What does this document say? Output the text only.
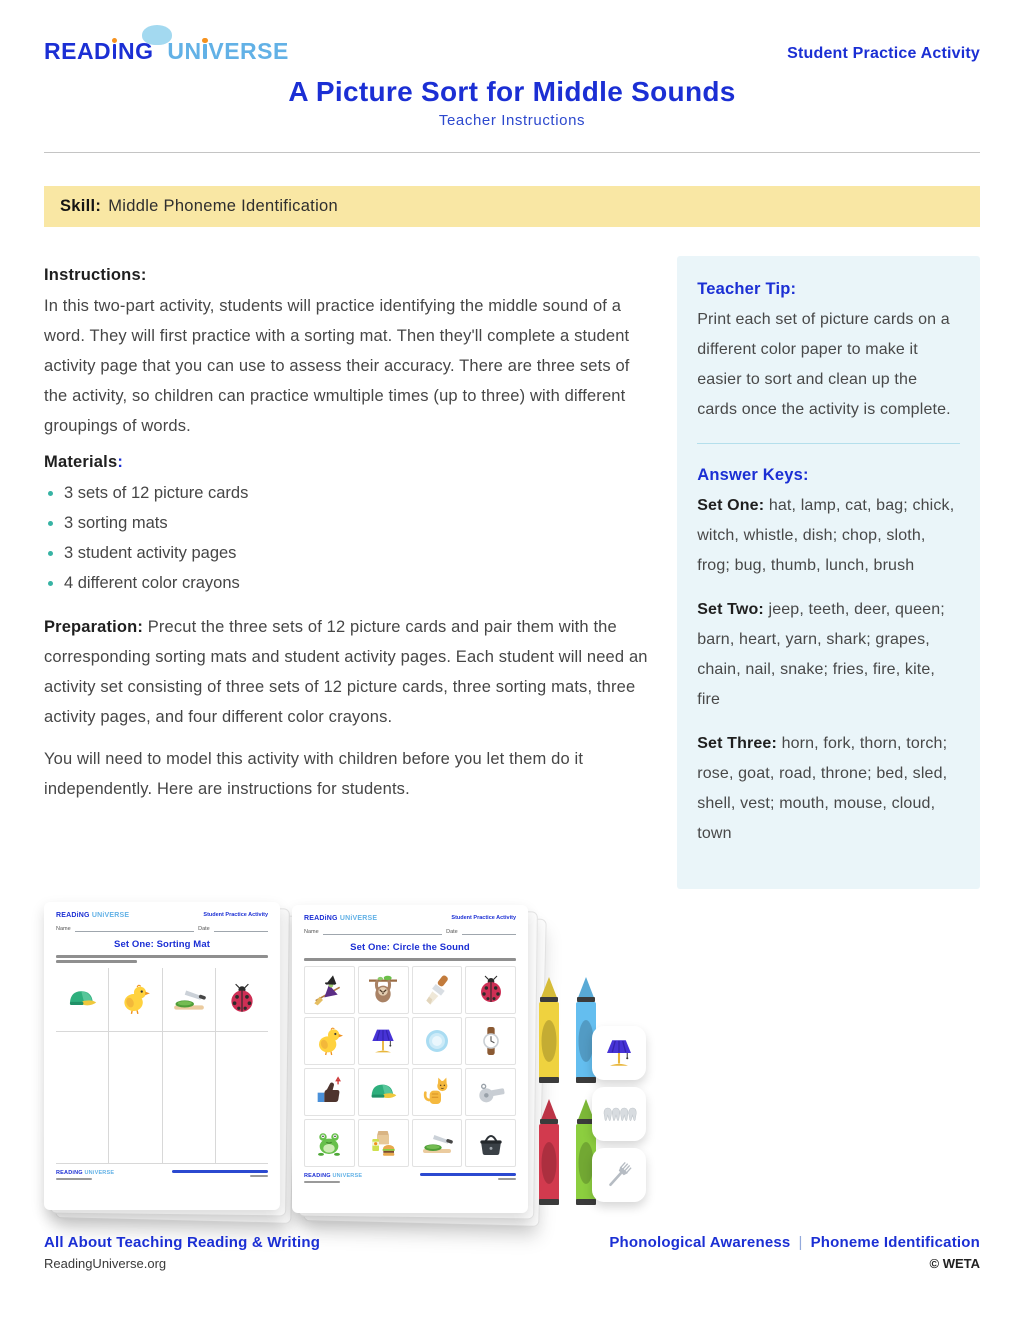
READ NG UN VERSE	Student Practice Activity
A Picture Sort for Middle Sounds
Teacher Instructions
Skill: Middle Phoneme Identification
Instructions:

In this two-part activity, students will practice identifying the middle sound of a word. They will first practice with a sorting mat. Then they'll complete a student activity page that you can use to assess their accuracy. There are three sets of the activity, so children can practice wmultiple times (up to three) with different groupings of words.

Materials:
3 sets of 12 picture cards
3 sorting mats
3 student activity pages
4 different color crayons

Preparation: Precut the three sets of 12 picture cards and pair them with the corresponding sorting mats and student activity pages. Each student will need an activity set consisting of three sets of 12 picture cards, three sorting mats, three activity pages, and four different color crayons.

You will need to model this activity with children before you let them do it independently. Here are instructions for students.

Teacher Tip:

Print each set of picture cards on a different color paper to make it easier to sort and clean up the cards once the activity is complete.

Answer Keys:

Set One: hat, lamp, cat, bag; chick, witch, whistle, dish; chop, sloth, frog; bug, thumb, lunch, brush

Set Two: jeep, teeth, deer, queen; barn, heart, yarn, shark; grapes, chain, nail, snake; fries, fire, kite, fire

Set Three: horn, fork, thorn, torch; rose, goat, road, throne; bed, sled, shell, vest; mouth, mouse, cloud, town

READiNG UNiVERSE	Student Practice Activity
Name	Date
Set One: Sorting Mat
READiNG UNiVERSE
READiNG UNiVERSE	Student Practice Activity
Name	Date
Set One: Circle the Sound
READiNG UNiVERSE
All About Teaching Reading & Writing	Phonological Awareness | Phoneme Identification
ReadingUniverse.org	© WETA
